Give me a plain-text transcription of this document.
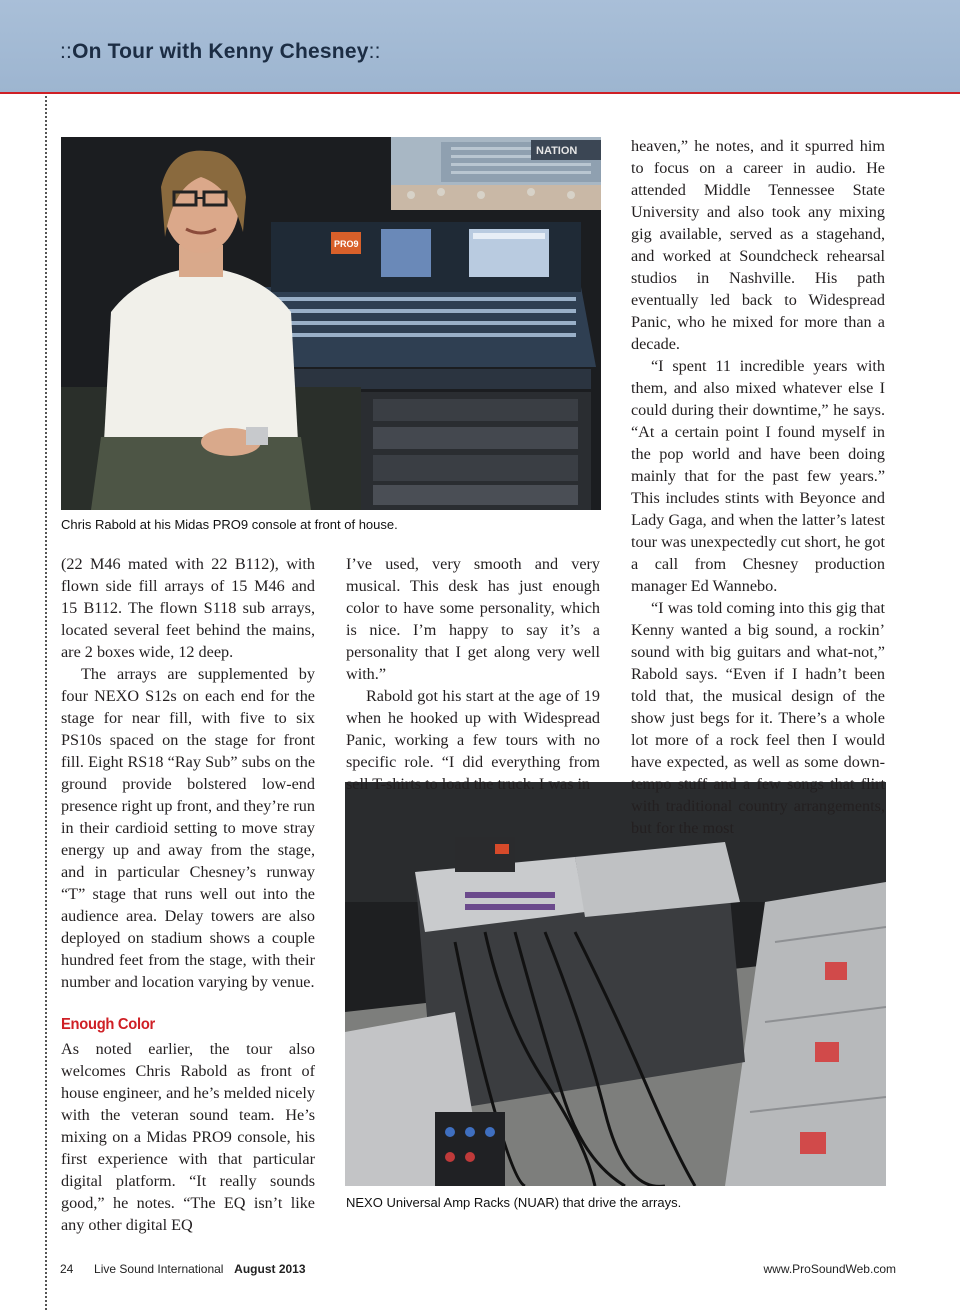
::On Tour with Kenny Chesney::
NATION
PRO9

Chris Rabold at his Midas PRO9 console at front of house.

NEXO Universal Amp Racks (NUAR) that drive the arrays.

(22 M46 mated with 22 B112), with flown side fill arrays of 15 M46 and 15 B112. The flown S118 sub arrays, located several feet behind the mains, are 2 boxes wide, 12 deep.

The arrays are supplemented by four NEXO S12s on each end for the stage for near fill, with five to six PS10s spaced on the stage for front fill. Eight RS18 “Ray Sub” subs on the ground provide bolstered low-end presence right up front, and they’re run in their cardioid setting to move stray energy up and away from the stage, and in particular Chesney’s runway “T” stage that runs well out into the audience area. Delay towers are also deployed on stadium shows a couple hundred feet from the stage, with their number and location varying by venue.

Enough Color

As noted earlier, the tour also welcomes Chris Rabold as front of house engineer, and he’s melded nicely with the veteran sound team. He’s mixing on a Midas PRO9 console, his first experience with that particular digital platform. “It really sounds good,” he notes. “The EQ isn’t like any other digital EQ

I’ve used, very smooth and very musical. This desk has just enough color to have some personality, which is nice. I’m happy to say it’s a personality that I get along very well with.”

Rabold got his start at the age of 19 when he hooked up with Widespread Panic, working a few tours with no specific role. “I did everything from sell T-shirts to load the truck. I was in

heaven,” he notes, and it spurred him to focus on a career in audio. He attended Middle Tennessee State University and also took any mixing gig available, served as a stagehand, and worked at Soundcheck rehearsal studios in Nashville. His path eventually led back to Widespread Panic, who he mixed for more than a decade.

“I spent 11 incredible years with them, and also mixed whatever else I could during their downtime,” he says. “At a certain point I found myself in the pop world and have been doing mainly that for the past few years.” This includes stints with Beyonce and Lady Gaga, and when the latter’s latest tour was unexpectedly cut short, he got a call from Chesney production manager Ed Wannebo.

“I was told coming into this gig that Kenny wanted a big sound, a rockin’ sound with big guitars and what-not,” Rabold says. “Even if I hadn’t been told that, the musical design of the show just begs for it. There’s a whole lot more of a rock feel then I would have expected, as well as some down-tempo stuff and a few songs that flirt with traditional country arrangements, but for the most

24 Live Sound International August 2013	www.ProSoundWeb.com
